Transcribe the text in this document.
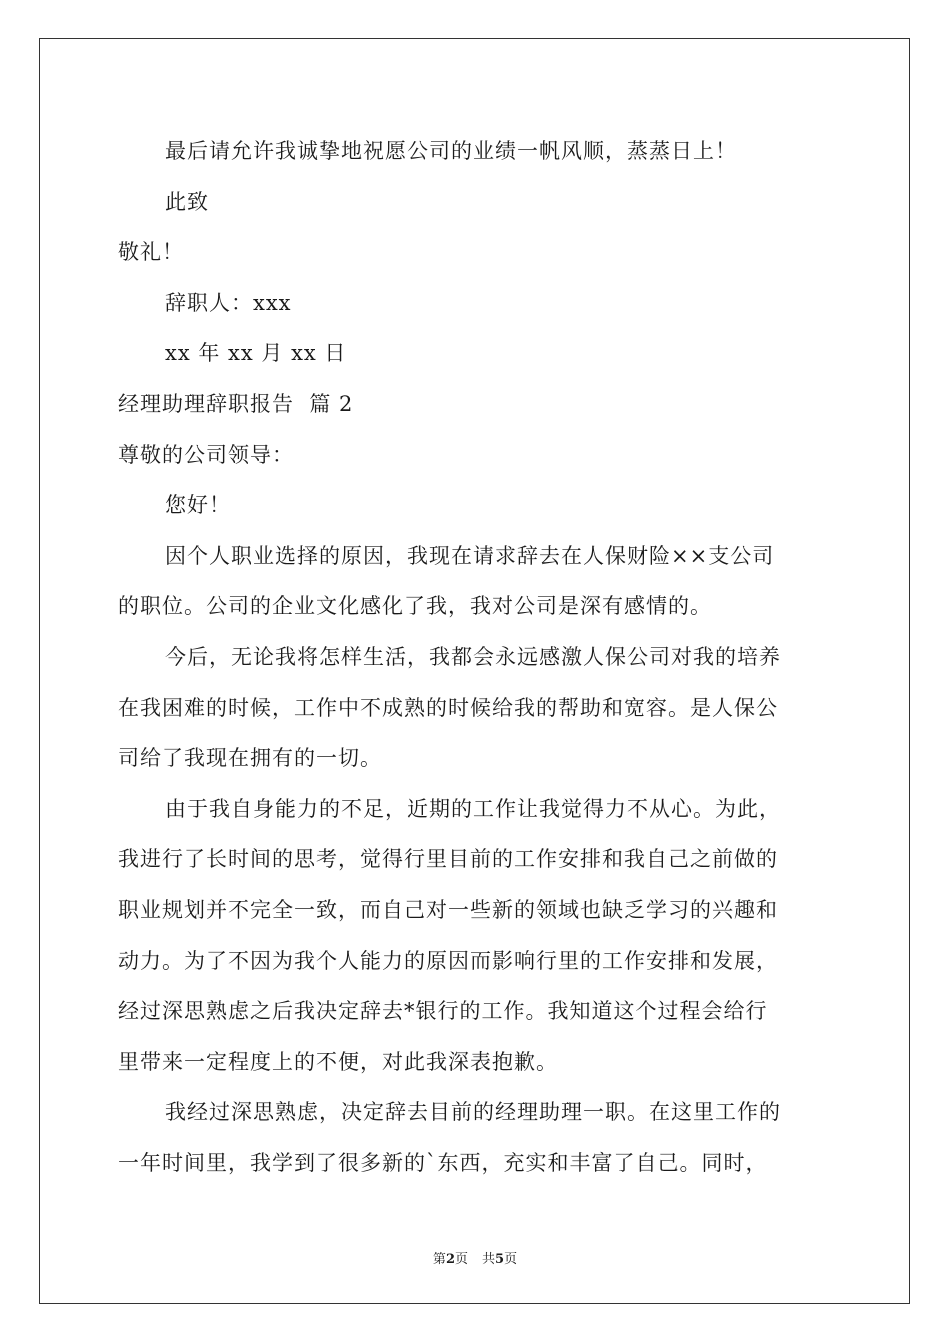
最后请允许我诚挚地祝愿公司的业绩一帆风顺，蒸蒸日上！
此致
敬礼！
辞职人：xxx
xx 年 xx 月 xx 日
经理助理辞职报告  篇 2
尊敬的公司领导：
您好！
因个人职业选择的原因，我现在请求辞去在人保财险××支公司
的职位。公司的企业文化感化了我，我对公司是深有感情的。
今后，无论我将怎样生活，我都会永远感激人保公司对我的培养
在我困难的时候，工作中不成熟的时候给我的帮助和宽容。是人保公
司给了我现在拥有的一切。
由于我自身能力的不足，近期的工作让我觉得力不从心。为此，
我进行了长时间的思考，觉得行里目前的工作安排和我自己之前做的
职业规划并不完全一致，而自己对一些新的领域也缺乏学习的兴趣和
动力。为了不因为我个人能力的原因而影响行里的工作安排和发展，
经过深思熟虑之后我决定辞去*银行的工作。我知道这个过程会给行
里带来一定程度上的不便，对此我深表抱歉。
我经过深思熟虑，决定辞去目前的经理助理一职。在这里工作的
一年时间里，我学到了很多新的`东西，充实和丰富了自己。同时，
第2页 共5页
